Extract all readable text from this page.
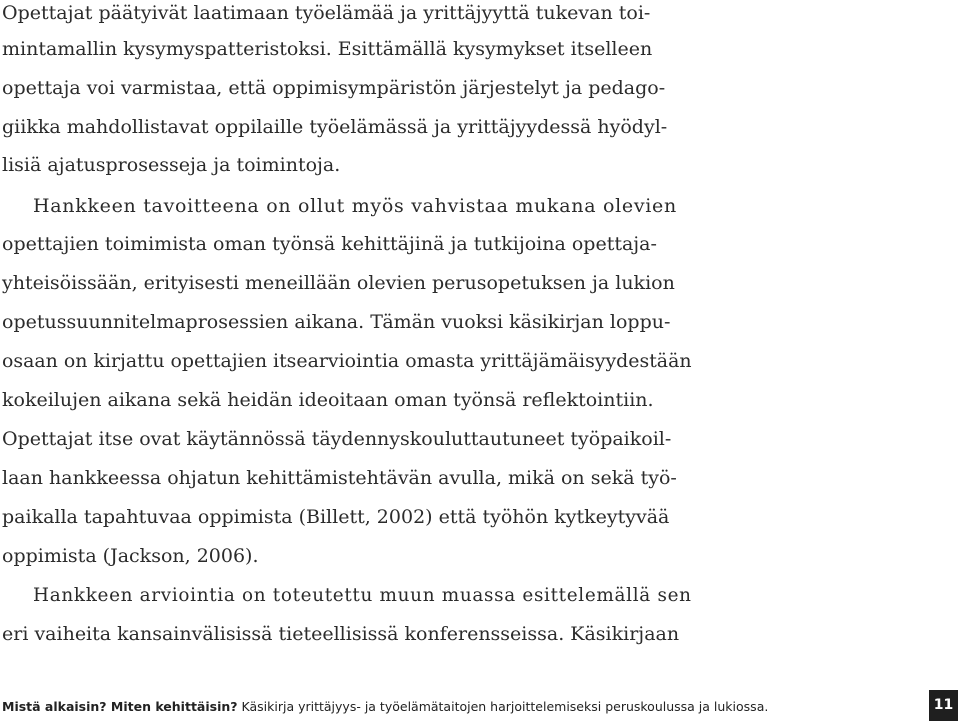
Opettajat päätyivät laatimaan työelämää ja yrittäjyyttä tukevan toi-
mintamallin kysymyspatteristoksi. Esittämällä kysymykset itselleen
opettaja voi varmistaa, että oppimisympäristön järjestelyt ja pedago-
giikka mahdollistavat oppilaille työelämässä ja yrittäjyydessä hyödyl-
lisiä ajatusprosesseja ja toimintoja.
Hankkeen tavoitteena on ollut myös vahvistaa mukana olevien
opettajien toimimista oman työnsä kehittäjinä ja tutkijoina opettaja-
yhteisöissään, erityisesti meneillään olevien perusopetuksen ja lukion
opetussuunnitelmaprosessien aikana. Tämän vuoksi käsikirjan loppu-
osaan on kirjattu opettajien itsearviointia omasta yrittäjämäisyydestään
kokeilujen aikana sekä heidän ideoitaan oman työnsä reflektointiin.
Opettajat itse ovat käytännössä täydennyskouluttautuneet työpaikoil-
laan hankkeessa ohjatun kehittämistehtävän avulla, mikä on sekä työ-
paikalla tapahtuvaa oppimista (Billett, 2002) että työhön kytkeytyvää
oppimista (Jackson, 2006).
Hankkeen arviointia on toteutettu muun muassa esittelemällä sen
eri vaiheita kansainvälisissä tieteellisissä konferensseissa. Käsikirjaan
Mistä alkaisin? Miten kehittäisin? Käsikirja yrittäjyys- ja työelämätaitojen harjoittelemiseksi peruskoulussa ja lukiossa.	11
